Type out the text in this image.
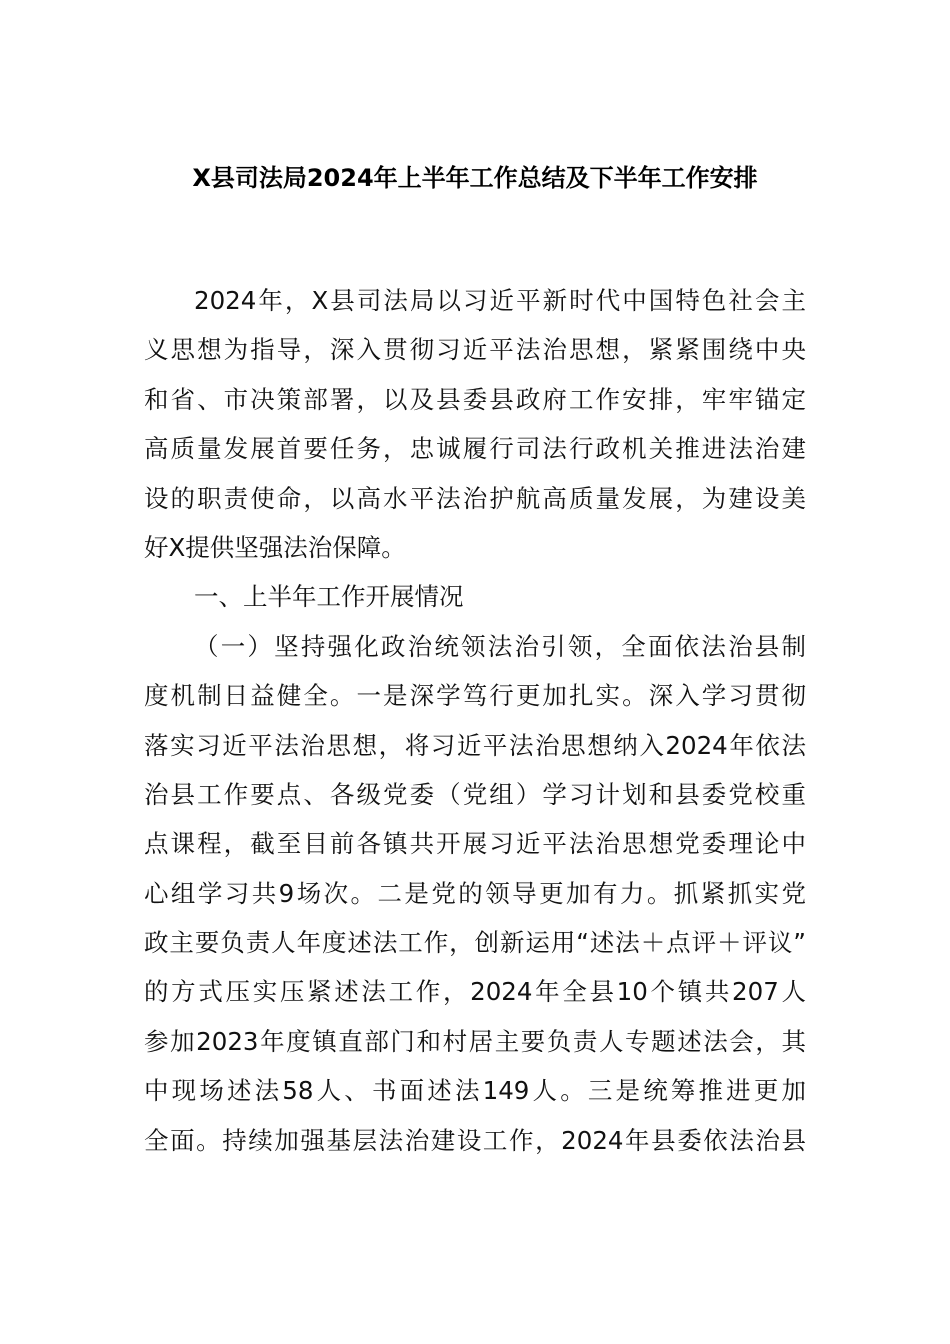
X县司法局2024年上半年工作总结及下半年工作安排
2024年，X县司法局以习近平新时代中国特色社会主
义思想为指导，深入贯彻习近平法治思想，紧紧围绕中央
和省、市决策部署，以及县委县政府工作安排，牢牢锚定
高质量发展首要任务，忠诚履行司法行政机关推进法治建
设的职责使命，以高水平法治护航高质量发展，为建设美
好X提供坚强法治保障。
一、上半年工作开展情况
（一）坚持强化政治统领法治引领，全面依法治县制
度机制日益健全。一是深学笃行更加扎实。深入学习贯彻
落实习近平法治思想，将习近平法治思想纳入2024年依法
治县工作要点、各级党委（党组）学习计划和县委党校重
点课程，截至目前各镇共开展习近平法治思想党委理论中
心组学习共9场次。二是党的领导更加有力。抓紧抓实党
政主要负责人年度述法工作，创新运用“述法＋点评＋评议”
的方式压实压紧述法工作，2024年全县10个镇共207人
参加2023年度镇直部门和村居主要负责人专题述法会，其
中现场述法58人、书面述法149人。三是统筹推进更加
全面。持续加强基层法治建设工作，2024年县委依法治县
